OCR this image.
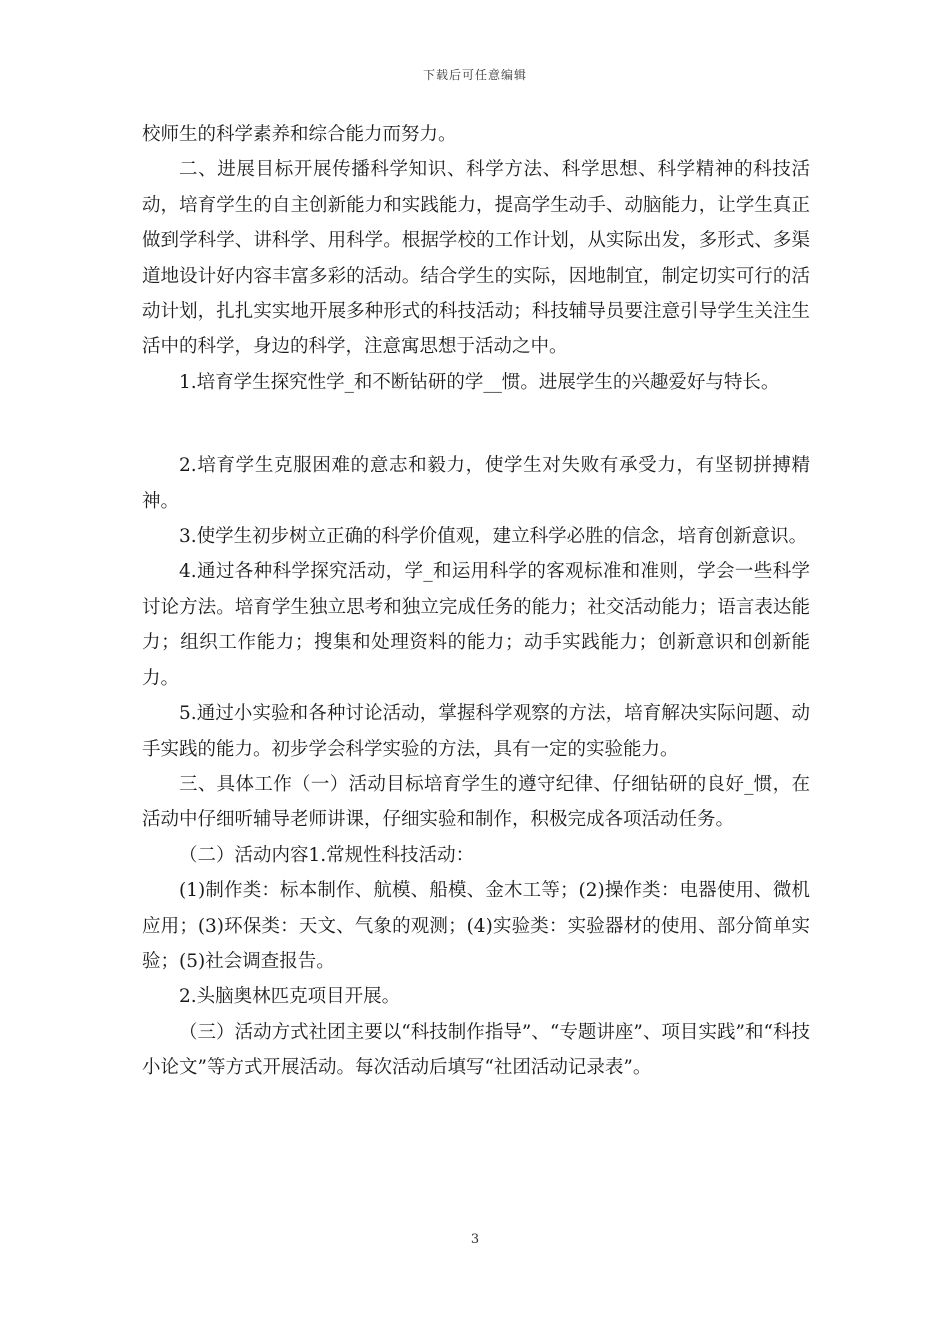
下载后可任意编辑

校师生的科学素养和综合能力而努力。

二、进展目标开展传播科学知识、科学方法、科学思想、科学精神的科技活动，培育学生的自主创新能力和实践能力，提高学生动手、动脑能力，让学生真正做到学科学、讲科学、用科学。根据学校的工作计划，从实际出发，多形式、多渠道地设计好内容丰富多彩的活动。结合学生的实际，因地制宜，制定切实可行的活动计划，扎扎实实地开展多种形式的科技活动；科技辅导员要注意引导学生关注生活中的科学，身边的科学，注意寓思想于活动之中。

1.培育学生探究性学_和不断钻研的学__惯。进展学生的兴趣爱好与特长。

2.培育学生克服困难的意志和毅力，使学生对失败有承受力，有坚韧拼搏精神。

3.使学生初步树立正确的科学价值观，建立科学必胜的信念，培育创新意识。

4.通过各种科学探究活动，学_和运用科学的客观标准和准则，学会一些科学讨论方法。培育学生独立思考和独立完成任务的能力；社交活动能力；语言表达能力；组织工作能力；搜集和处理资料的能力；动手实践能力；创新意识和创新能力。

5.通过小实验和各种讨论活动，掌握科学观察的方法，培育解决实际问题、动手实践的能力。初步学会科学实验的方法，具有一定的实验能力。

三、具体工作（一）活动目标培育学生的遵守纪律、仔细钻研的良好_惯，在活动中仔细听辅导老师讲课，仔细实验和制作，积极完成各项活动任务。

（二）活动内容1.常规性科技活动：

(1)制作类：标本制作、航模、船模、金木工等；(2)操作类：电器使用、微机应用；(3)环保类：天文、气象的观测；(4)实验类：实验器材的使用、部分简单实验；(5)社会调查报告。

2.头脑奥林匹克项目开展。

（三）活动方式社团主要以“科技制作指导”、“专题讲座”、项目实践”和“科技小论文”等方式开展活动。每次活动后填写“社团活动记录表”。

3
